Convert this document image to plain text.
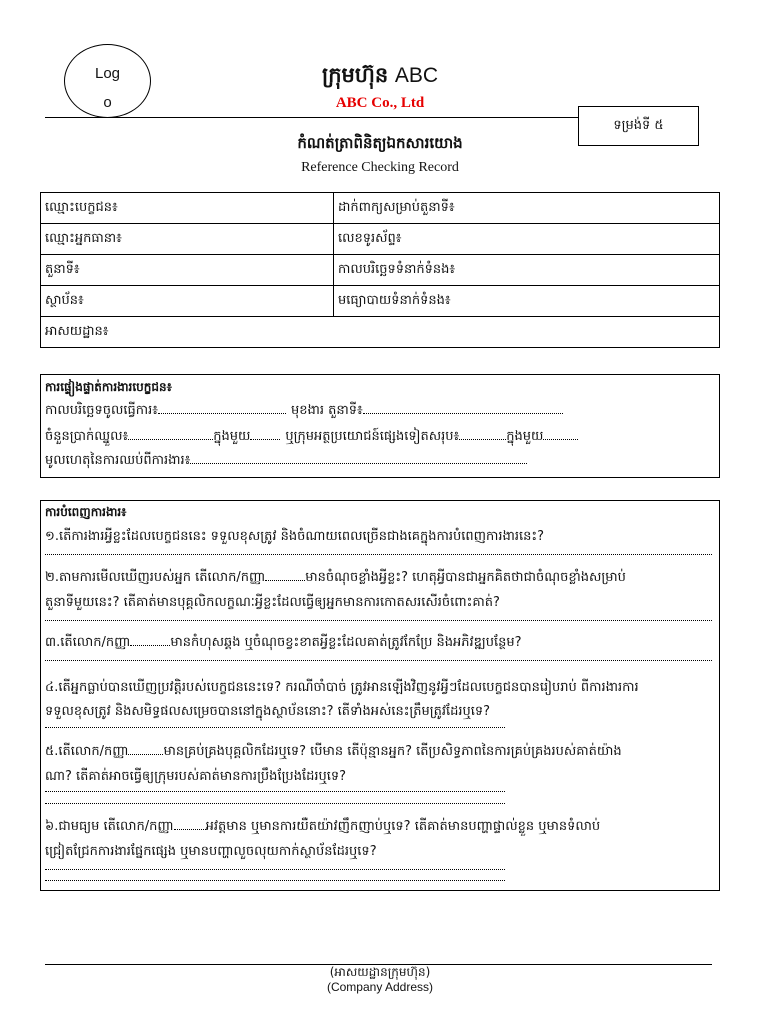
Logo
ក្រុមហ៊ុន ABC
ABC Co., Ltd
ទម្រង់ទី ៥
កំណត់ត្រាពិនិត្យឯកសារយោង
Reference Checking Record
ឈ្មោះបេក្ខជន៖	ដាក់ពាក្យសម្រាប់តួនាទី៖
ឈ្មោះអ្នកធានា៖	លេខទូរស័ព្ទ៖
តួនាទី៖	កាលបរិច្ឆេទទំនាក់ទំនង៖
ស្ថាប័ន៖	មធ្យោបាយទំនាក់ទំនង៖
អាសយដ្ឋាន៖
ការផ្ទៀងផ្ទាត់ការងារបេក្ខជន៖
កាលបរិច្ឆេទចូលធ្វើការ៖	មុខងារ តួនាទី៖
ចំនួនប្រាក់ឈ្នួល៖	ក្នុងមួយ	ឬក្រុមអត្ថប្រយោជន៍ផ្សេងទៀតសរុប៖	ក្នុងមួយ
មូលហេតុនៃការឈប់ពីការងារ៖
ការបំពេញការងារ៖
១.តើការងារអ្វីខ្លះដែលបេក្ខជននេះ ទទួលខុសត្រូវ និងចំណាយពេលច្រើនជាងគេក្នុងការបំពេញការងារនេះ?
២.តាមការមើលឃើញរបស់អ្នក តើលោក/កញ្ញា	មានចំណុចខ្លាំងអ្វីខ្លះ? ហេតុអ្វីបានជាអ្នកគិតថាជាចំណុចខ្លាំងសម្រាប់
តួនាទីមួយនេះ? តើគាត់មានបុគ្គលិកលក្ខណៈអ្វីខ្លះដែលធ្វើឲ្យអ្នកមានការកោតសរសើរចំពោះគាត់?
៣.តើលោក/កញ្ញា	មានកំហុសឆ្គង ឬចំណុចខ្វះខាតអ្វីខ្លះដែលគាត់ត្រូវកែប្រែ និងអភិវឌ្ឍបន្ថែម?
៤.តើអ្នកធ្លាប់បានឃើញប្រវត្តិរបស់បេក្ខជននេះទេ? ករណីចាំបាច់ ត្រូវអានឡើងវិញនូវអ្វីៗដែលបេក្ខជនបានរៀបរាប់ ពីការងារការ
ទទួលខុសត្រូវ និងសមិទ្ធផលសម្រេចបាននៅក្នុងស្ថាប័ននោះ? តើទាំងអស់នេះត្រឹមត្រូវដែរឬទេ?
៥.តើលោក/កញ្ញា	មានគ្រប់គ្រងបុគ្គលិកដែរឬទេ? បើមាន តើប៉ុន្មានអ្នក? តើប្រសិទ្ធភាពនៃការគ្រប់គ្រងរបស់គាត់យ៉ាង
ណា? តើគាត់អាចធ្វើឲ្យក្រុមរបស់គាត់មានការប្រឹងប្រែងដែរឬទេ?
៦.ជាមធ្យម តើលោក/កញ្ញា អវត្តមាន ឬមានការយឺតយ៉ាវញឹកញាប់ឬទេ? តើគាត់មានបញ្ហាផ្ទាល់ខ្លួន ឬមានទំលាប់
ជ្រៀតជ្រែកការងារផ្នែកផ្សេង ឬមានបញ្ហាលួចលុយកាក់ស្ថាប័នដែរឬទេ?
(អាសយដ្ឋានក្រុមហ៊ុន)
(Company Address)
